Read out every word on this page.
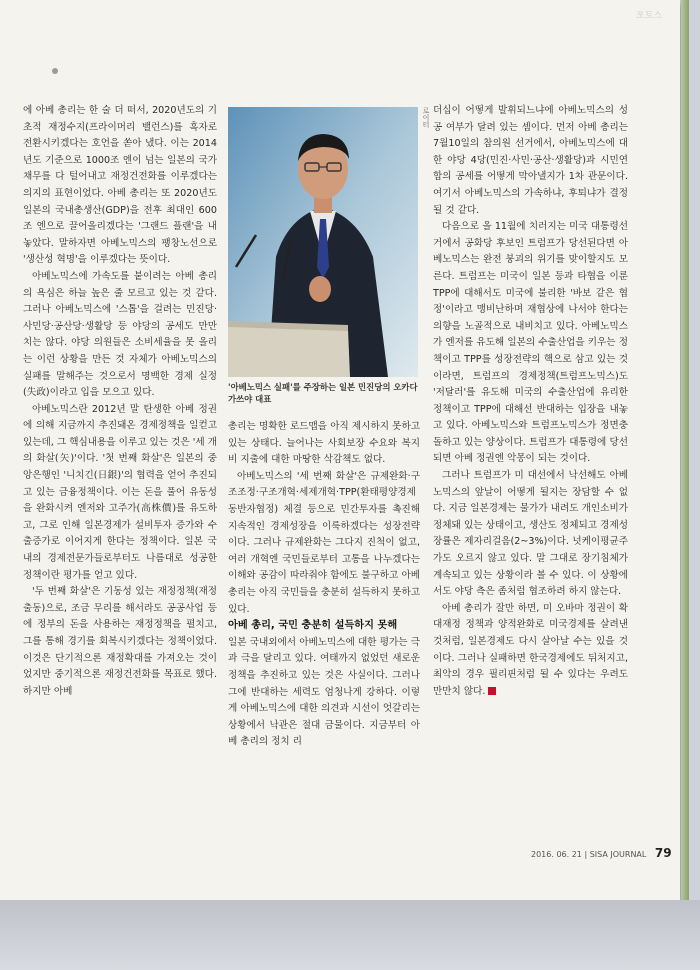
포토스

에 아베 총리는 한 술 더 떠서, 2020년도의 기초적 재정수지(프라이머리 밸런스)를 흑자로 전환시키겠다는 호언을 쏟아 냈다. 이는 2014년도 기준으로 1000조 엔이 넘는 일본의 국가채무를 다 털어내고 재정건전화를 이루겠다는 의지의 표현이었다. 아베 총리는 또 2020년도 일본의 국내총생산(GDP)을 전후 최대인 600조 엔으로 끌어올리겠다는 '그랜드 플랜'을 내놓았다. 말하자면 아베노믹스의 팽창노선으로 '생산성 혁명'을 이루겠다는 뜻이다.

아베노믹스에 가속도를 붙이려는 아베 총리의 욕심은 하늘 높은 줄 모르고 있는 것 같다. 그러나 아베노믹스에 '스톱'을 걸려는 민진당·사민당·공산당·생활당 등 야당의 공세도 만만치는 않다. 야당 의원들은 소비세율을 못 올리는 이런 상황을 만든 것 자체가 아베노믹스의 실패를 말해주는 것으로서 명백한 경제 실정(失政)이라고 입을 모으고 있다.

아베노믹스란 2012년 말 탄생한 아베 정권에 의해 지금까지 추진돼온 경제정책을 일컫고 있는데, 그 핵심내용을 이루고 있는 것은 '세 개의 화살(矢)'이다. '첫 번째 화살'은 일본의 중앙은행인 '니치긴(日銀)'의 협력을 얻어 추진되고 있는 금융정책이다. 이는 돈을 풀어 유동성을 완화시켜 엔저와 고주가(高株價)를 유도하고, 그로 인해 일본경제가 설비투자 증가와 수출증가로 이어지게 한다는 정책이다. 일본 국내의 경제전문가들로부터도 나름대로 성공한 정책이란 평가를 얻고 있다.

'두 번째 화살'은 기동성 있는 재정정책(재정출동)으로, 조금 무리를 해서라도 공공사업 등에 정부의 돈을 사용하는 재정정책을 펼치고, 그를 통해 경기를 회복시키겠다는 정책이었다. 이것은 단기적으론 재정확대를 가져오는 것이었지만 중기적으론 재정건전화를 목표로 했다. 하지만 아베

로이터
'아베노믹스 실패'를 주장하는 일본 민진당의 오카다 가쓰야 대표

총리는 명확한 로드맵을 아직 제시하지 못하고 있는 상태다. 늘어나는 사회보장 수요와 복지비 지출에 대한 마땅한 삭감책도 없다.

아베노믹스의 '세 번째 화살'은 규제완화·구조조정·구조개혁·세제개혁·TPP(환태평양경제동반자협정) 체결 등으로 민간투자를 촉진해 지속적인 경제성장을 이룩하겠다는 성장전략이다. 그러나 규제완화는 그다지 진척이 없고, 여러 개혁엔 국민들로부터 고통을 나누겠다는 이해와 공감이 따라줘야 함에도 불구하고 아베 총리는 아직 국민들을 충분히 설득하지 못하고 있다.

아베 총리, 국민 충분히 설득하지 못해

일본 국내외에서 아베노믹스에 대한 평가는 극과 극을 달리고 있다. 여태까지 없었던 새로운 정책을 추진하고 있는 것은 사실이다. 그러나 그에 반대하는 세력도 엄청나게 강하다. 이렇게 아베노믹스에 대한 의견과 시선이 엇갈리는 상황에서 낙관은 절대 금물이다. 지금부터 아베 총리의 정치 리

더십이 어떻게 발휘되느냐에 아베노믹스의 성공 여부가 달려 있는 셈이다. 먼저 아베 총리는 7월10일의 참의원 선거에서, 아베노믹스에 대한 야당 4당(민진·사민·공산·생활당)과 시민연합의 공세를 어떻게 막아낼지가 1차 관문이다. 여기서 아베노믹스의 가속하냐, 후퇴냐가 결정될 것 같다.

다음으로 올 11월에 치러지는 미국 대통령선거에서 공화당 후보인 트럼프가 당선된다면 아베노믹스는 완전 붕괴의 위기를 맞이할지도 모른다. 트럼프는 미국이 일본 등과 타협을 이룬 TPP에 대해서도 미국에 불리한 '바보 같은 협정'이라고 맹비난하며 재협상에 나서야 한다는 의향을 노골적으로 내비치고 있다. 아베노믹스가 엔저를 유도해 일본의 수출산업을 키우는 정책이고 TPP를 성장전략의 핵으로 삼고 있는 것이라면, 트럼프의 경제정책(트럼프노믹스)도 '저달러'를 유도해 미국의 수출산업에 유리한 정책이고 TPP에 대해선 반대하는 입장을 내놓고 있다. 아베노믹스와 트럼프노믹스가 정면충돌하고 있는 양상이다. 트럼프가 대통령에 당선되면 아베 정권엔 악몽이 되는 것이다.

그러나 트럼프가 미 대선에서 낙선해도 아베노믹스의 앞날이 어떻게 될지는 장담할 수 없다. 지금 일본경제는 물가가 내려도 개인소비가 정체돼 있는 상태이고, 생산도 정체되고 경제성장률은 제자리걸음(2~3%)이다. 넛케이평균주가도 오르지 않고 있다. 말 그대로 장기침체가 계속되고 있는 상황이라 볼 수 있다. 이 상황에서도 야당 측은 좀처럼 협조하려 하지 않는다.

아베 총리가 잘만 하면, 미 오바마 정권이 확대재정 정책과 양적완화로 미국경제를 살려낸 것처럼, 일본경제도 다시 살아날 수는 있을 것이다. 그러나 실패하면 한국경제에도 뒤처지고, 최악의 경우 필리핀처럼 될 수 있다는 우려도 만만치 않다.

2016. 06. 21 | SISA JOURNAL 79
